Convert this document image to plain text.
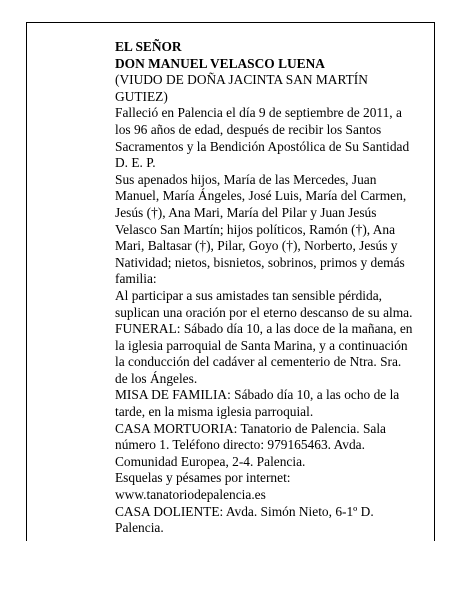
EL SEÑOR
DON MANUEL VELASCO LUENA

(VIUDO DE DOÑA JACINTA SAN MARTÍN GUTIEZ)

Falleció en Palencia el día 9 de septiembre de 2011, a los 96 años de edad, después de recibir los Santos Sacramentos y la Bendición Apostólica de Su Santidad D. E. P.

Sus apenados hijos, María de las Mercedes, Juan Manuel, María Ángeles, José Luis, María del Carmen, Jesús (†), Ana Mari, María del Pilar y Juan Jesús Velasco San Martín; hijos políticos, Ramón (†), Ana Mari, Baltasar (†), Pilar, Goyo (†), Norberto, Jesús y Natividad; nietos, bisnietos, sobrinos, primos y demás familia:

Al participar a sus amistades tan sensible pérdida, suplican una oración por el eterno descanso de su alma.

FUNERAL: Sábado día 10, a las doce de la mañana, en la iglesia parroquial de Santa Marina, y a continuación la conducción del cadáver al cementerio de Ntra. Sra. de los Ángeles.

MISA DE FAMILIA: Sábado día 10, a las ocho de la tarde, en la misma iglesia parroquial.

CASA MORTUORIA: Tanatorio de Palencia. Sala número 1. Teléfono directo: 979165463. Avda. Comunidad Europea, 2-4. Palencia.

Esquelas y pésames por internet:

www.tanatoriodepalencia.es

CASA DOLIENTE: Avda. Simón Nieto, 6-1º D. Palencia.
